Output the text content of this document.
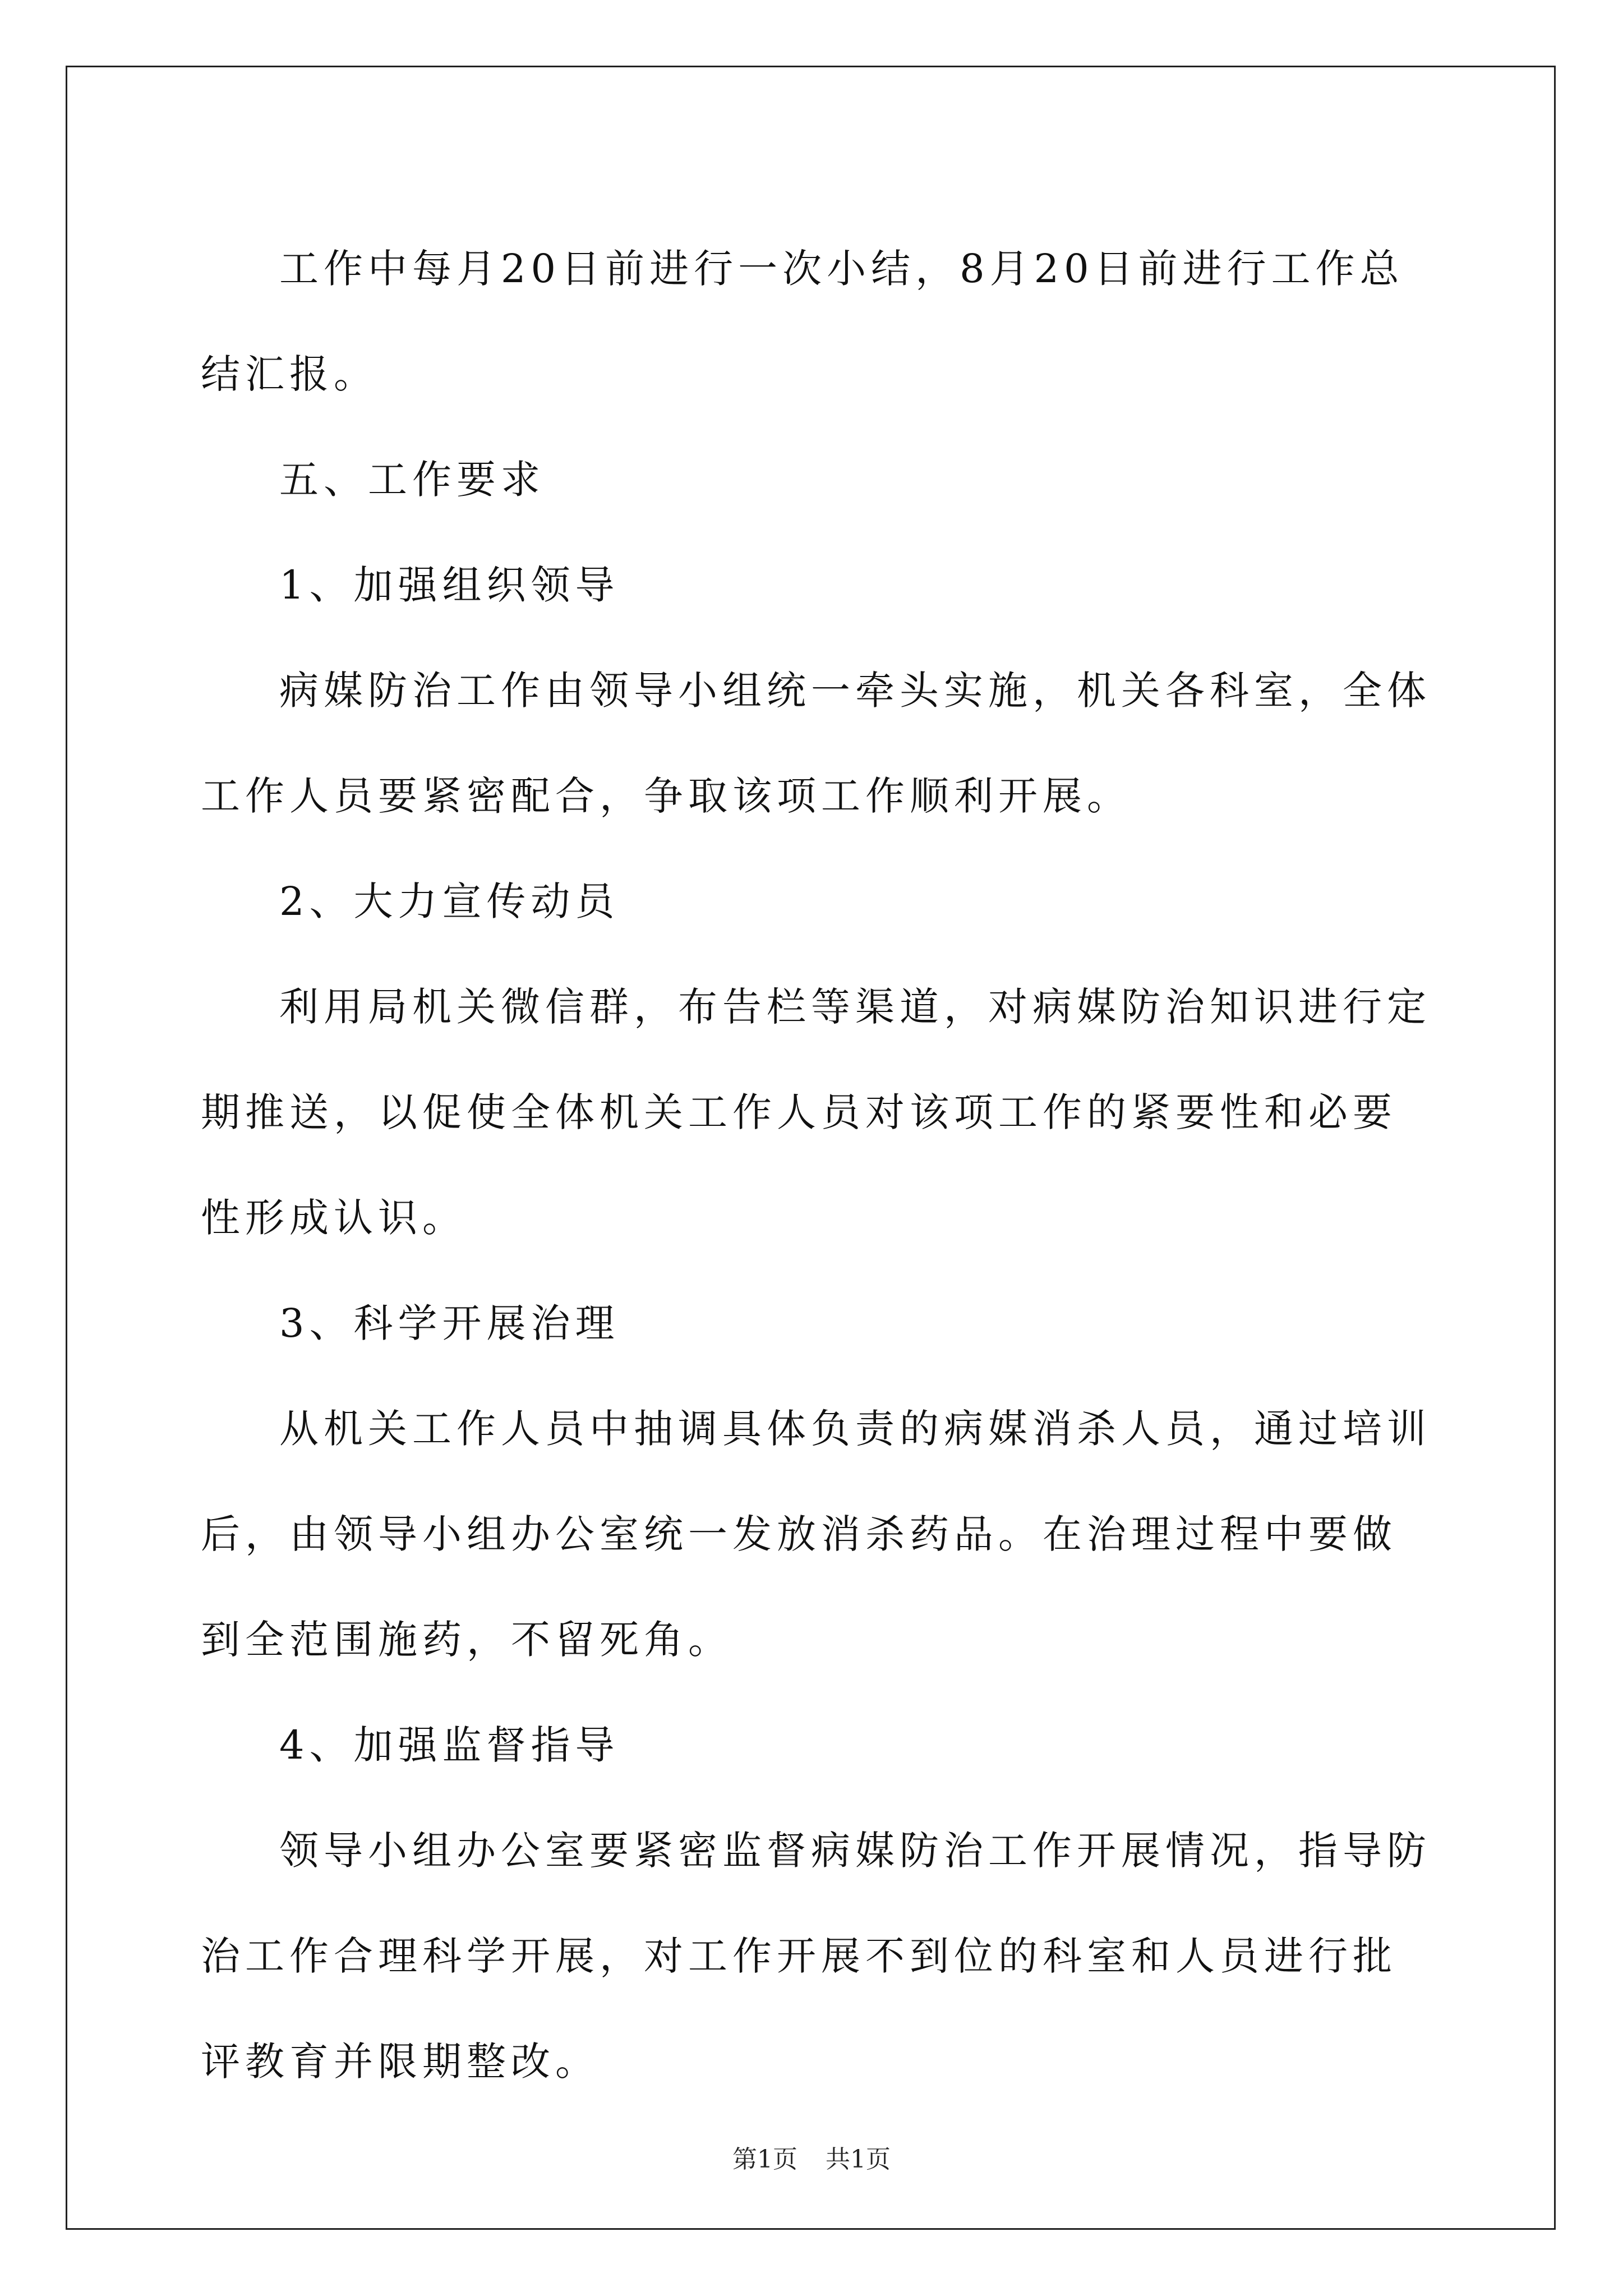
工作中每月20日前进行一次小结，8月20日前进行工作总结汇报。

五、工作要求

1、加强组织领导

病媒防治工作由领导小组统一牵头实施，机关各科室，全体工作人员要紧密配合，争取该项工作顺利开展。

2、大力宣传动员

利用局机关微信群，布告栏等渠道，对病媒防治知识进行定期推送，以促使全体机关工作人员对该项工作的紧要性和必要性形成认识。

3、科学开展治理

从机关工作人员中抽调具体负责的病媒消杀人员，通过培训后，由领导小组办公室统一发放消杀药品。在治理过程中要做到全范围施药，不留死角。

4、加强监督指导

领导小组办公室要紧密监督病媒防治工作开展情况，指导防治工作合理科学开展，对工作开展不到位的科室和人员进行批评教育并限期整改。

第1页 共1页
